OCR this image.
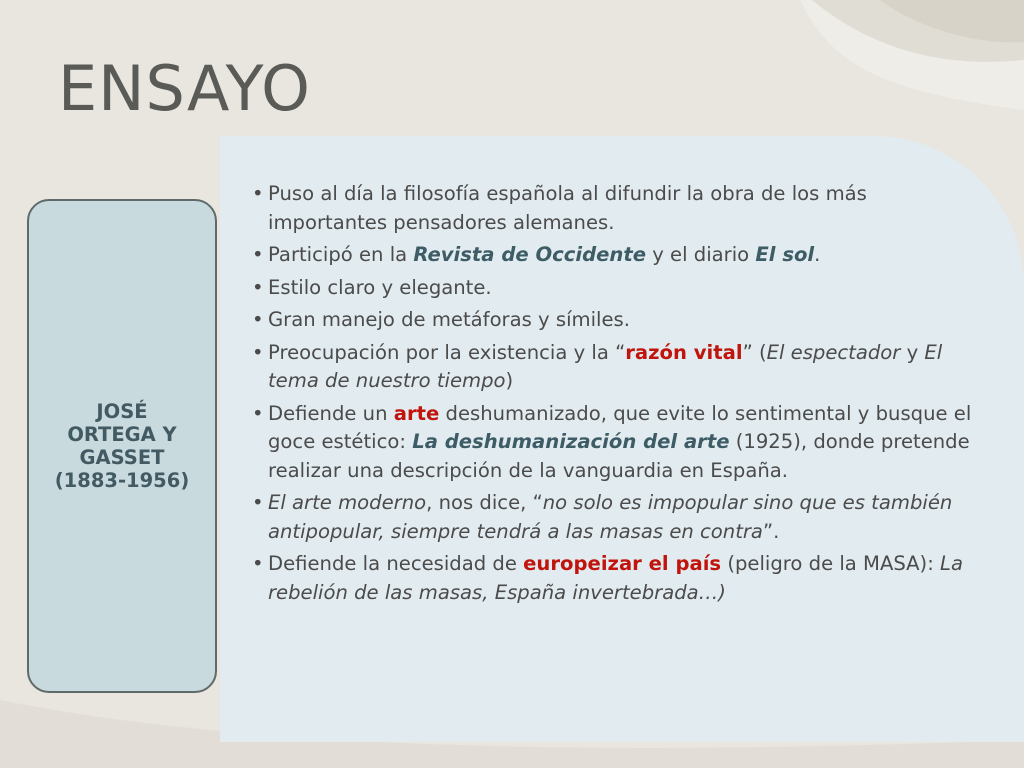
ENSAYO
JOSÉ
ORTEGA Y
GASSET
(1883-1956)
• Puso al día la filosofía española al difundir la obra de los más importantes pensadores alemanes.
• Participó en la Revista de Occidente y el diario El sol.
• Estilo claro y elegante.
• Gran manejo de metáforas y símiles.
• Preocupación por la existencia y la “razón vital” (El espectador y El tema de nuestro tiempo)
• Defiende un arte deshumanizado, que evite lo sentimental y busque el goce estético: La deshumanización del arte (1925), donde pretende realizar una descripción de la vanguardia en España.
• El arte moderno, nos dice, “no solo es impopular sino que es también antipopular, siempre tendrá a las masas en contra”.
• Defiende la necesidad de europeizar el país (peligro de la MASA): La rebelión de las masas, España invertebrada…)
